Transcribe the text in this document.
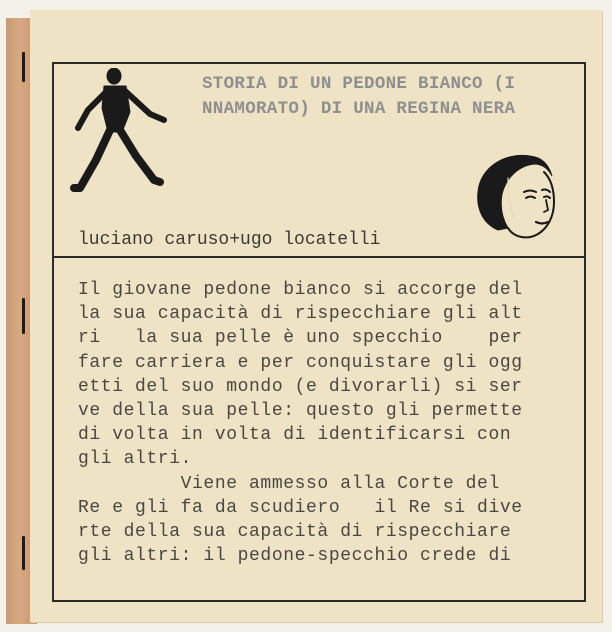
STORIA DI UN PEDONE BIANCO (I
NNAMORATO) DI UNA REGINA NERA

luciano caruso+ugo locatelli

Il giovane pedone bianco si accorge del
la sua capacità di rispecchiare gli alt
ri   la sua pelle è uno specchio    per
fare carriera e per conquistare gli ogg
etti del suo mondo (e divorarli) si ser
ve della sua pelle: questo gli permette
di volta in volta di identificarsi con
gli altri.
Viene ammesso alla Corte del
Re e gli fa da scudiero   il Re si dive
rte della sua capacità di rispecchiare
gli altri: il pedone-specchio crede di
